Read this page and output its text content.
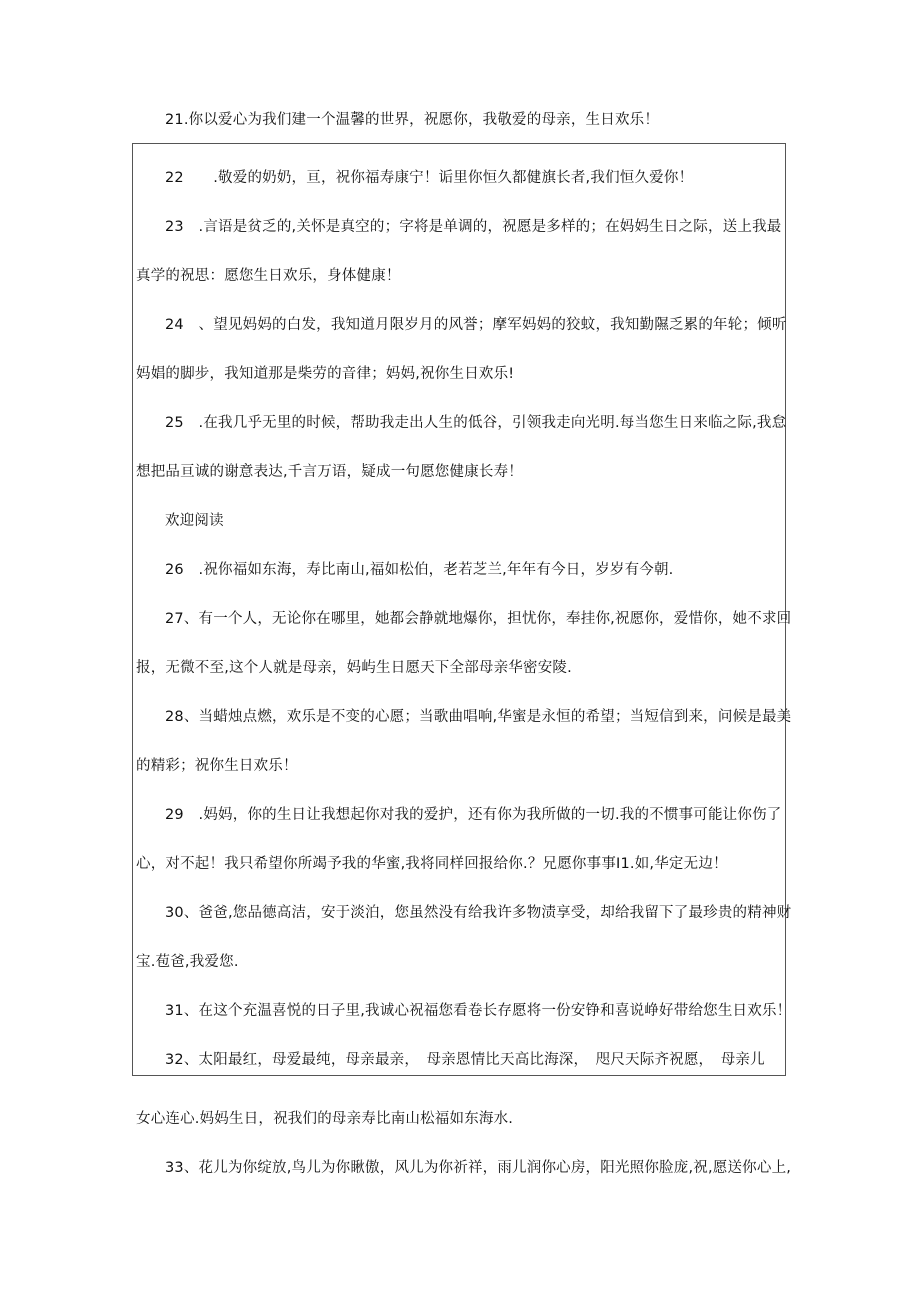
21.你以爱心为我们建一个温馨的世界，祝愿你，我敬爱的母亲，生日欢乐！
22　　.敬爱的奶奶，亘，祝你福寿康宁！诟里你恒久都健旗长者,我们恒久爱你！
23　.言语是贫乏的,关怀是真空的；字将是单调的，祝愿是多样的；在妈妈生日之际，送上我最
真学的祝思：愿您生日欢乐，身体健康！
24　、望见妈妈的白发，我知道月限岁月的风誉；摩军妈妈的狡蚊，我知勤隰乏累的年轮；倾听
妈娼的脚步，我知道那是柴劳的音律；妈妈,祝你生日欢乐!
25　.在我几乎无里的时候，帮助我走出人生的低谷，引领我走向光明.每当您生日来临之际,我怠
想把品亘诚的谢意表达,千言万语，疑成一句愿您健康长寿！
欢迎阅读
26　.祝你福如东海，寿比南山,福如松伯，老若芝兰,年年有今日，岁岁有今朝.
27、有一个人，无论你在哪里，她都会静就地爆你，担忧你，奉挂你,祝愿你，爱惜你，她不求回
报，无微不至,这个人就是母亲，妈屿生日愿天下全部母亲华密安陵.
28、当蜡烛点燃，欢乐是不变的心愿；当歌曲唱响,华蜜是永恒的希望；当短信到来，问候是最美
的精彩；祝你生日欢乐！
29　.妈妈，你的生日让我想起你对我的爱护，还有你为我所做的一切.我的不惯事可能让你伤了
心，对不起！我只希望你所竭予我的华蜜,我将同样回报给你.？兄愿你事事I1.如,华定无边！
30、爸爸,您品德高洁，安于淡泊，您虽然没有给我许多物渍享受，却给我留下了最珍贵的精神财
宝.苞爸,我爱您.
31、在这个充温喜悦的日子里,我诚心祝福您看卷长存愿将一份安铮和喜说峥好带给您生日欢乐！
32、太阳最红，母爱最纯，母亲最亲，　母亲恩情比天高比海深，　咫尺天际齐祝愿，　母亲儿
女心连心.妈妈生日，祝我们的母亲寿比南山松福如东海水.
33、花儿为你绽放,鸟儿为你瞅傲，风儿为你祈祥，雨儿润你心房，阳光照你脸庞,祝,愿送你心上,
